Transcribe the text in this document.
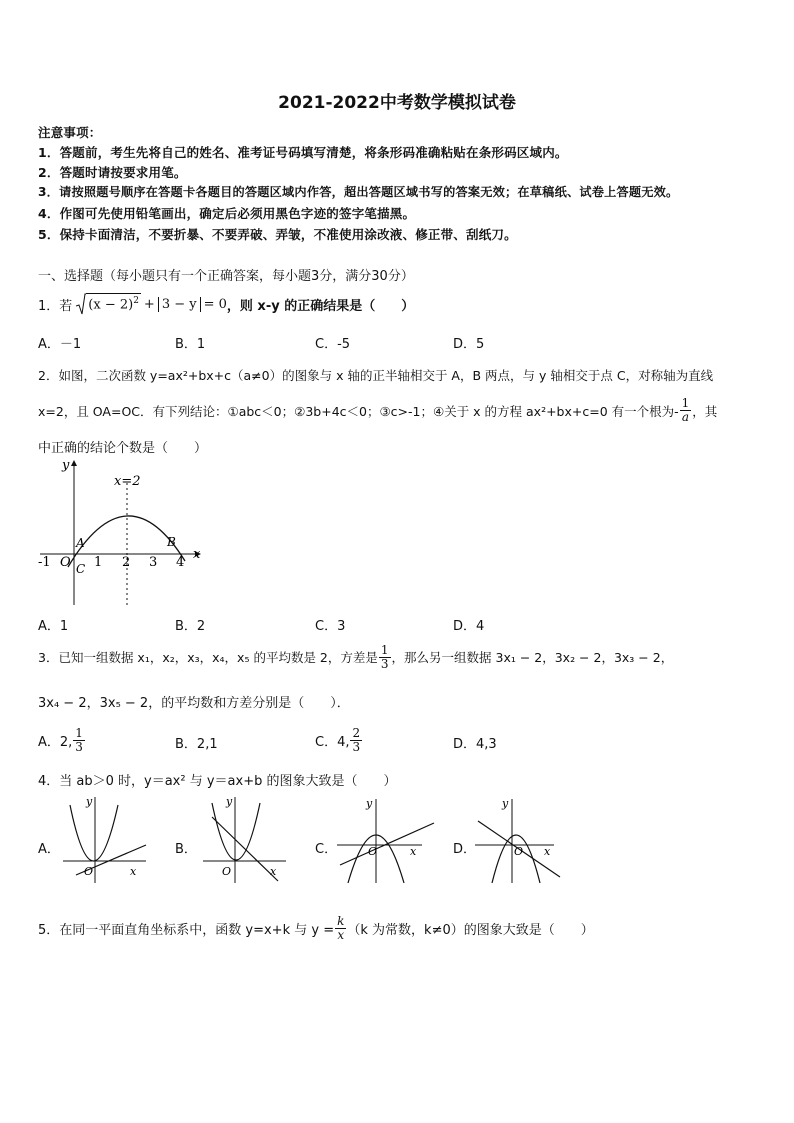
2021-2022中考数学模拟试卷
注意事项：
1．答题前，考生先将自己的姓名、准考证号码填写清楚，将条形码准确粘贴在条形码区域内。
2．答题时请按要求用笔。
3．请按照题号顺序在答题卡各题目的答题区域内作答，超出答题区域书写的答案无效；在草稿纸、试卷上答题无效。
4．作图可先使用铅笔画出，确定后必须用黑色字迹的签字笔描黑。
5．保持卡面清洁，不要折暴、不要弄破、弄皱，不准使用涂改液、修正带、刮纸刀。
一、选择题（每小题只有一个正确答案，每小题3分，满分30分）
1．若 $(x - 2)^2 + 3 - y = 0$ ，则 x-y 的正确结果是（　　）
A．－1	B．1	C．-5	D．5
2．如图，二次函数 y=ax²+bx+c（a≠0）的图象与 x 轴的正半轴相交于 A，B 两点，与 y 轴相交于点 C，对称轴为直线
x=2，且 OA=OC．有下列结论：①abc＜0；②3b+4c＜0；③c>-1；④关于 x 的方程 ax²+bx+c=0 有一个根为- $\frac{1}{a}$ ，其
中正确的结论个数是（　　）
y
x
x=2
-1 O 1 2 3 4
A	B
C
A．1	B．2	C．3	D．4
3．已知一组数据 x₁，x₂，x₃，x₄，x₅ 的平均数是 2，方差是 $\frac{1}{3}$ ，那么另一组数据 3x₁ − 2，3x₂ − 2，3x₃ − 2，
3x₄ − 2，3x₅ − 2，的平均数和方差分别是（　　）．
A．2, $\frac{1}{3}$	B．2,1	C．4, $\frac{2}{3}$	D．4,3
4．当 ab＞0 时，y＝ax² 与 y＝ax+b 的图象大致是（　　）
A．
y
x
O
B．
y
x
O
C．
y
x
O	D．
y
x
O
5．在同一平面直角坐标系中，函数 y=x+k 与 $y = \frac{k}{x} (k$ 为常数，k≠0）的图象大致是（　　）
